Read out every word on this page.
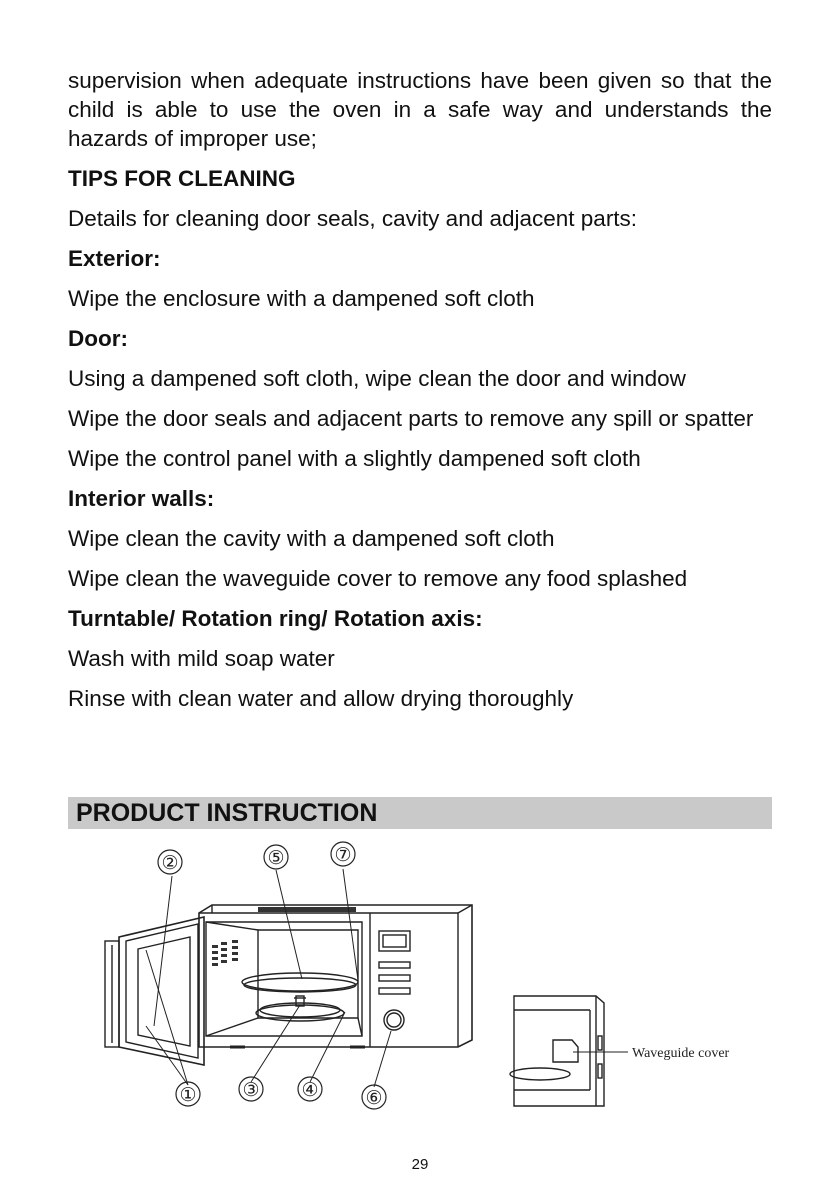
supervision when adequate instructions have been given so that the child is able to use the oven in a safe way and understands the hazards of improper use;

TIPS FOR CLEANING

Details for cleaning door seals, cavity and adjacent parts:

Exterior:

Wipe the enclosure with a dampened soft cloth

Door:

Using a dampened soft cloth, wipe clean the door and window

Wipe the door seals and adjacent parts to remove any spill or spatter

Wipe the control panel with a slightly dampened soft cloth

Interior walls:

Wipe clean the cavity with a dampened soft cloth

Wipe clean the waveguide cover to remove any food splashed

Turntable/ Rotation ring/ Rotation axis:

Wash with mild soap water

Rinse with clean water and allow drying thoroughly

PRODUCT INSTRUCTION
②	⑤	⑦
① ③ ④ ⑥
Waveguide cover
29
